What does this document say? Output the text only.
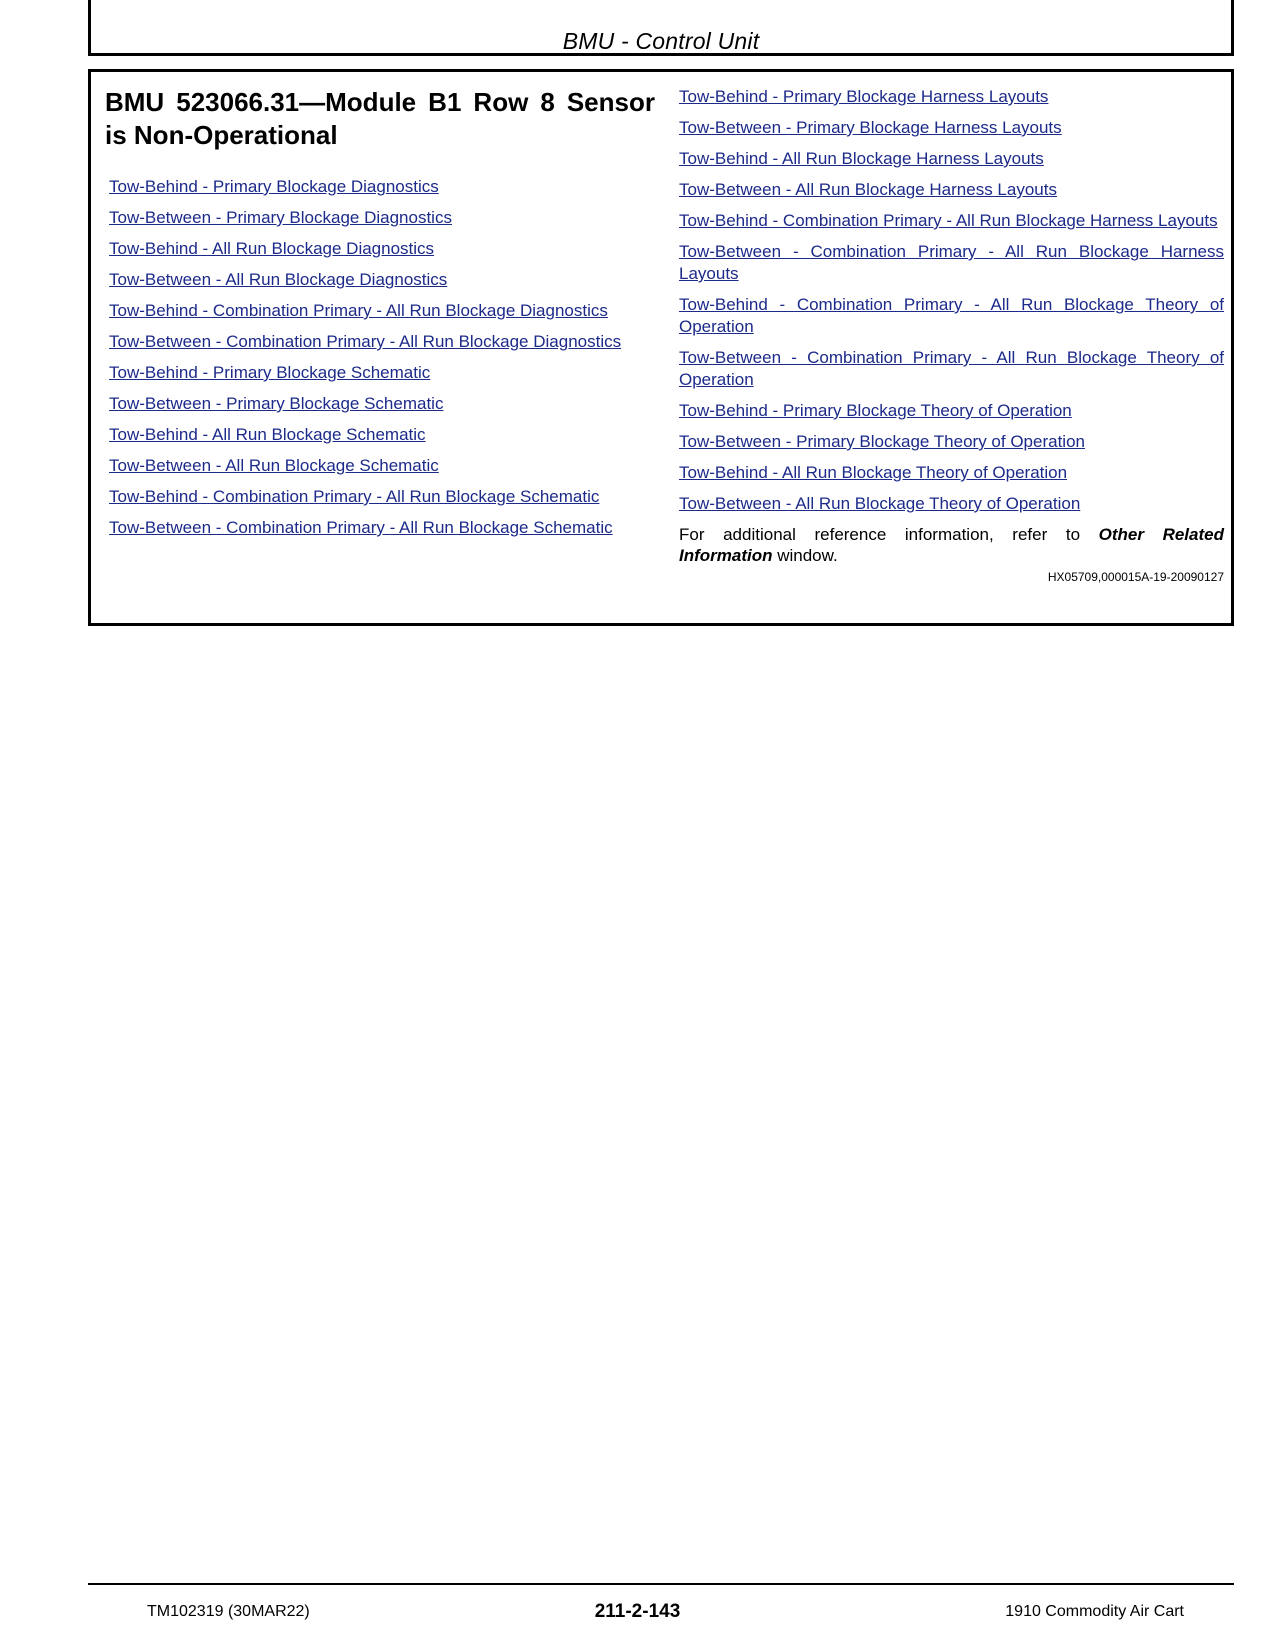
BMU - Control Unit
BMU 523066.31—Module B1 Row 8 Sensor is Non-Operational
Tow-Behind - Primary Blockage Diagnostics
Tow-Between - Primary Blockage Diagnostics
Tow-Behind - All Run Blockage Diagnostics
Tow-Between - All Run Blockage Diagnostics
Tow-Behind - Combination Primary - All Run Blockage Diagnostics
Tow-Between - Combination Primary - All Run Blockage Diagnostics
Tow-Behind - Primary Blockage Schematic
Tow-Between - Primary Blockage Schematic
Tow-Behind - All Run Blockage Schematic
Tow-Between - All Run Blockage Schematic
Tow-Behind - Combination Primary - All Run Blockage Schematic
Tow-Between - Combination Primary - All Run Blockage Schematic
Tow-Behind - Primary Blockage Harness Layouts
Tow-Between - Primary Blockage Harness Layouts
Tow-Behind - All Run Blockage Harness Layouts
Tow-Between - All Run Blockage Harness Layouts
Tow-Behind - Combination Primary - All Run Blockage Harness Layouts
Tow-Between - Combination Primary - All Run Blockage Harness Layouts
Tow-Behind - Combination Primary - All Run Blockage Theory of Operation
Tow-Between - Combination Primary - All Run Blockage Theory of Operation
Tow-Behind - Primary Blockage Theory of Operation
Tow-Between - Primary Blockage Theory of Operation
Tow-Behind - All Run Blockage Theory of Operation
Tow-Between - All Run Blockage Theory of Operation

For additional reference information, refer to Other Related Information window.

HX05709,000015A-19-20090127
TM102319 (30MAR22)	211-2-143	1910 Commodity Air Cart
